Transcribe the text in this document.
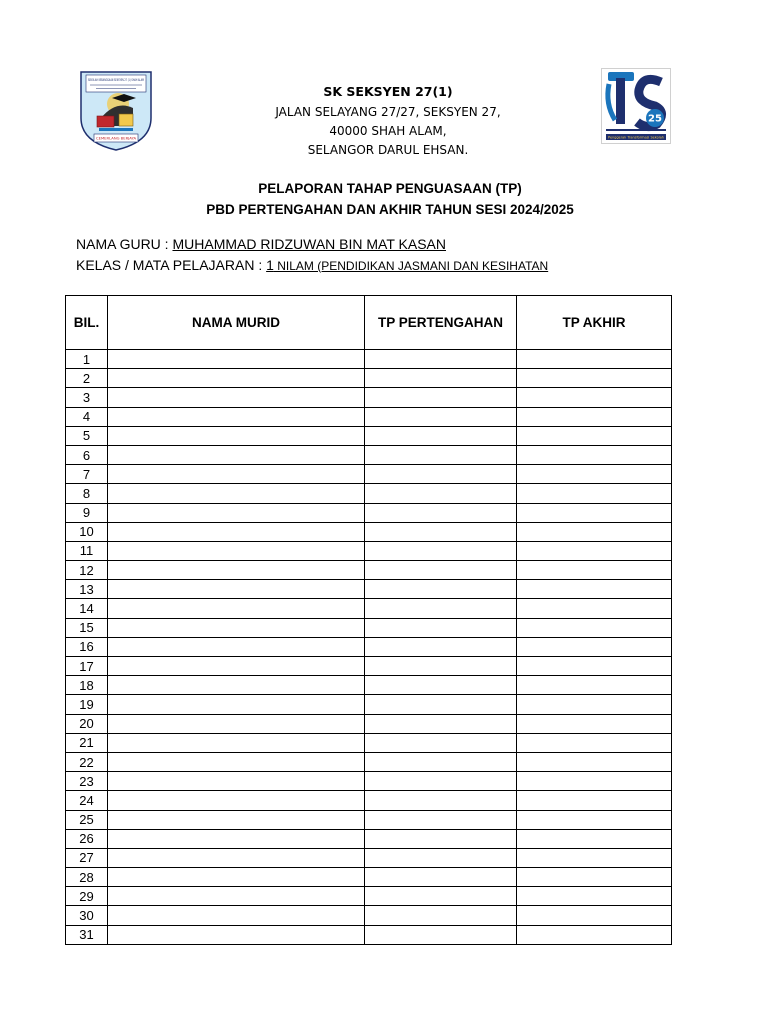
SEKOLAH KEBANGSAAN SEKSYEN 27 (1) SHAH ALAM
CEMERLANG BERJAYA
25
Penggerak Transformasi Sekolah
SK SEKSYEN 27(1)
JALAN SELAYANG 27/27, SEKSYEN 27,
40000 SHAH ALAM,
SELANGOR DARUL EHSAN.
PELAPORAN TAHAP PENGUASAAN (TP)
PBD PERTENGAHAN DAN AKHIR TAHUN SESI 2024/2025
NAMA GURU : MUHAMMAD RIDZUWAN BIN MAT KASAN
KELAS / MATA PELAJARAN : 1 NILAM (PENDIDIKAN JASMANI DAN KESIHATAN
BIL.	NAMA MURID	TP PERTENGAHAN	TP AKHIR
1			
2			
3			
4			
5			
6			
7			
8			
9			
10			
11			
12			
13			
14			
15			
16			
17			
18			
19			
20			
21			
22			
23			
24			
25			
26			
27			
28			
29			
30			
31			
